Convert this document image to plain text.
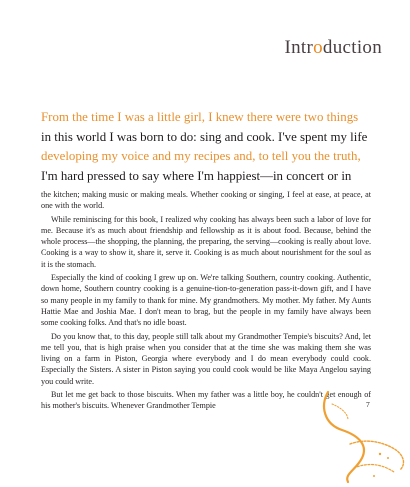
Introduction
From the time I was a little girl, I knew there were two things
in this world I was born to do: sing and cook. I've spent my life
developing my voice and my recipes and, to tell you the truth,
I'm hard pressed to say where I'm happiest—in concert or in

the kitchen; making music or making meals. Whether cooking or singing, I feel at ease, at peace, at one with the world.

While reminiscing for this book, I realized why cooking has always been such a labor of love for me. Because it's as much about friendship and fellowship as it is about food. Because, behind the whole process—the shopping, the planning, the preparing, the serving—cooking is really about love. Cooking is a way to show it, share it, serve it. Cooking is as much about nourishment for the soul as it is the stomach.

Especially the kind of cooking I grew up on. We're talking Southern, country cooking. Authentic, down home, Southern country cooking is a genuine-tion-to-generation pass-it-down gift, and I have so many people in my family to thank for mine. My grandmothers. My mother. My father. My Aunts Hattie Mae and Joshia Mae. I don't mean to brag, but the people in my family have always been some cooking folks. And that's no idle boast.

Do you know that, to this day, people still talk about my Grandmother Tempie's biscuits? And, let me tell you, that is high praise when you consider that at the time she was making them she was living on a farm in Piston, Georgia where everybody and I do mean everybody could cook. Especially the Sisters. A sister in Piston saying you could cook would be like Maya Angelou saying you could write.

But let me get back to those biscuits. When my father was a little boy, he couldn't get enough of his mother's biscuits. Whenever Grandmother Tempie	7
